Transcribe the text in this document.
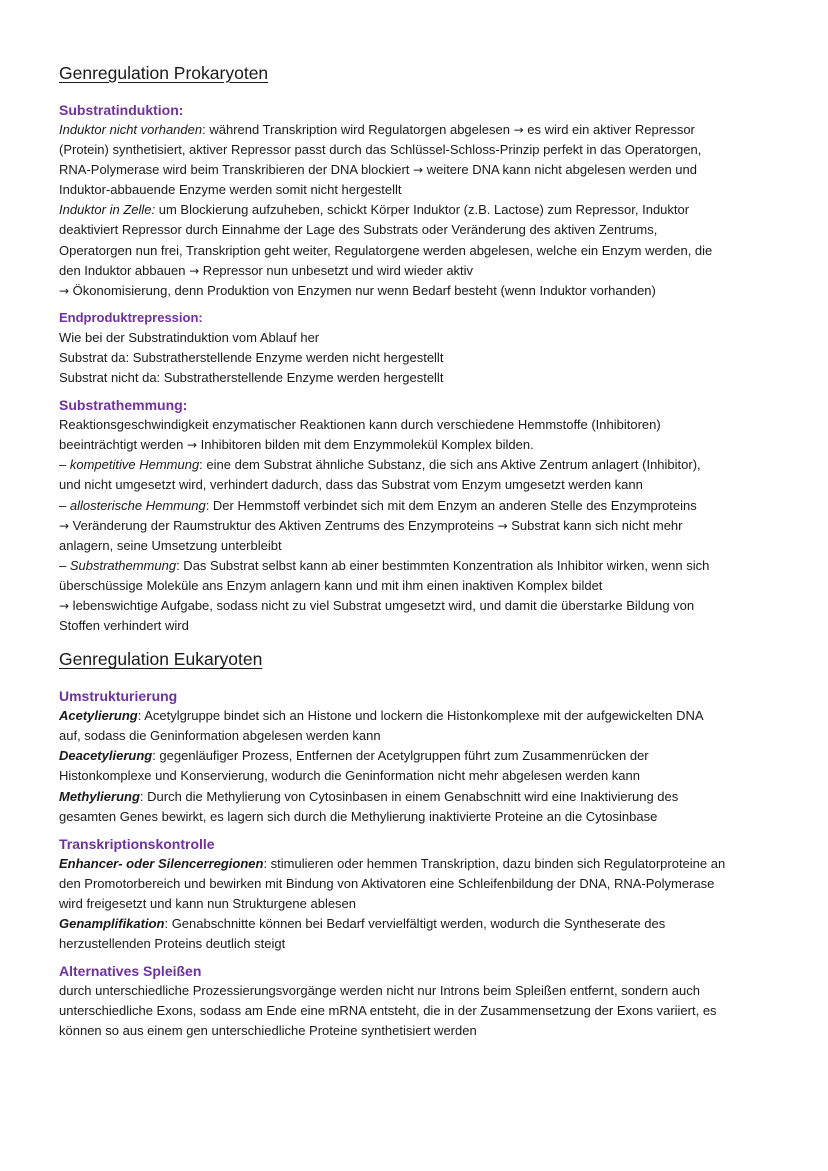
Genregulation Prokaryoten
Substratinduktion:

Induktor nicht vorhanden: während Transkription wird Regulatorgen abgelesen → es wird ein aktiver Repressor

(Protein) synthetisiert, aktiver Repressor passt durch das Schlüssel-Schloss-Prinzip perfekt in das Operatorgen,

RNA-Polymerase wird beim Transkribieren der DNA blockiert → weitere DNA kann nicht abgelesen werden und

Induktor-abbauende Enzyme werden somit nicht hergestellt

Induktor in Zelle: um Blockierung aufzuheben, schickt Körper Induktor (z.B. Lactose) zum Repressor, Induktor

deaktiviert Repressor durch Einnahme der Lage des Substrats oder Veränderung des aktiven Zentrums,

Operatorgen nun frei, Transkription geht weiter, Regulatorgene werden abgelesen, welche ein Enzym werden, die

den Induktor abbauen → Repressor nun unbesetzt und wird wieder aktiv

→ Ökonomisierung, denn Produktion von Enzymen nur wenn Bedarf besteht (wenn Induktor vorhanden)

Endproduktrepression:

Wie bei der Substratinduktion vom Ablauf her

Substrat da: Substratherstellende Enzyme werden nicht hergestellt

Substrat nicht da: Substratherstellende Enzyme werden hergestellt

Substrathemmung:

Reaktionsgeschwindigkeit enzymatischer Reaktionen kann durch verschiedene Hemmstoffe (Inhibitoren)

beeinträchtigt werden → Inhibitoren bilden mit dem Enzymmolekül Komplex bilden.

– kompetitive Hemmung: eine dem Substrat ähnliche Substanz, die sich ans Aktive Zentrum anlagert (Inhibitor),

und nicht umgesetzt wird, verhindert dadurch, dass das Substrat vom Enzym umgesetzt werden kann

– allosterische Hemmung: Der Hemmstoff verbindet sich mit dem Enzym an anderen Stelle des Enzymproteins

→ Veränderung der Raumstruktur des Aktiven Zentrums des Enzymproteins → Substrat kann sich nicht mehr

anlagern, seine Umsetzung unterbleibt

– Substrathemmung: Das Substrat selbst kann ab einer bestimmten Konzentration als Inhibitor wirken, wenn sich

überschüssige Moleküle ans Enzym anlagern kann und mit ihm einen inaktiven Komplex bildet

→ lebenswichtige Aufgabe, sodass nicht zu viel Substrat umgesetzt wird, und damit die überstarke Bildung von

Stoffen verhindert wird

Genregulation Eukaryoten
Umstrukturierung

Acetylierung: Acetylgruppe bindet sich an Histone und lockern die Histonkomplexe mit der aufgewickelten DNA

auf, sodass die Geninformation abgelesen werden kann

Deacetylierung: gegenläufiger Prozess, Entfernen der Acetylgruppen führt zum Zusammenrücken der

Histonkomplexe und Konservierung, wodurch die Geninformation nicht mehr abgelesen werden kann

Methylierung: Durch die Methylierung von Cytosinbasen in einem Genabschnitt wird eine Inaktivierung des

gesamten Genes bewirkt, es lagern sich durch die Methylierung inaktivierte Proteine an die Cytosinbase

Transkriptionskontrolle

Enhancer- oder Silencerregionen: stimulieren oder hemmen Transkription, dazu binden sich Regulatorproteine an

den Promotorbereich und bewirken mit Bindung von Aktivatoren eine Schleifenbildung der DNA, RNA-Polymerase

wird freigesetzt und kann nun Strukturgene ablesen

Genamplifikation: Genabschnitte können bei Bedarf vervielfältigt werden, wodurch die Syntheserate des

herzustellenden Proteins deutlich steigt

Alternatives Spleißen

durch unterschiedliche Prozessierungsvorgänge werden nicht nur Introns beim Spleißen entfernt, sondern auch

unterschiedliche Exons, sodass am Ende eine mRNA entsteht, die in der Zusammensetzung der Exons variiert, es

können so aus einem gen unterschiedliche Proteine synthetisiert werden
